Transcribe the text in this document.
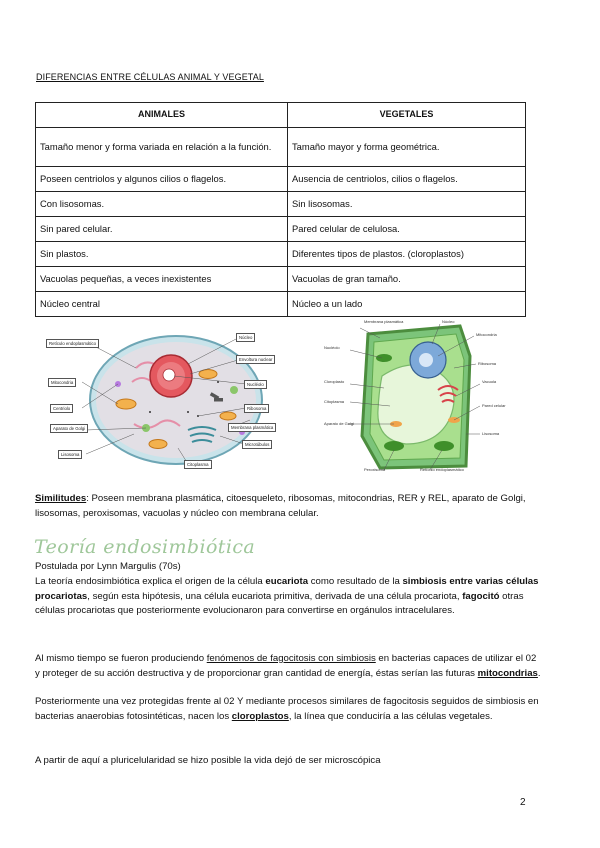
DIFERENCIAS ENTRE CÉLULAS ANIMAL Y VEGETAL
ANIMALES	VEGETALES
Tamaño menor y forma variada en relación a la función.	Tamaño mayor y forma geométrica.
Poseen centriolos y algunos cilios o flagelos.	Ausencia de centriolos, cilios o flagelos.
Con lisosomas.	Sin lisosomas.
Sin pared celular.	Pared celular de celulosa.
Sin plastos.	Diferentes tipos de plastos. (cloroplastos)
Vacuolas pequeñas, a veces inexistentes	Vacuolas de gran tamaño.
Núcleo central	Núcleo a un lado
Retículo endoplasmático
Mitocondria
Centriolo
Aparato de Golgi
Lisosoma
Núcleo
Envoltura nuclear
Nucléolo
Ribosoma
Membrana plasmática
Microtúbulos
Citoplasma
Membrana plasmática	Núcleo
Nucléolo
Mitocondria
Ribosoma
Cloroplasto	Vacuola
Citoplasma
Pared celular
Aparato de Golgi
Lisosoma
Peroxisoma	Retículo endoplasmático
Similitudes: Poseen membrana plasmática, citoesqueleto, ribosomas, mitocondrias, RER y REL, aparato de Golgi, lisosomas, peroxisomas, vacuolas y núcleo con membrana celular.
Teoría endosimbiótica
Postulada por Lynn Margulis (70s)
La teoría endosimbiótica explica el origen de la célula eucariota como resultado de la simbiosis entre varias células procariotas, según esta hipótesis, una célula eucariota primitiva, derivada de una célula procariota, fagocitó otras células procariotas que posteriormente evolucionaron para convertirse en orgánulos intracelulares.
Al mismo tiempo se fueron produciendo fenómenos de fagocitosis con simbiosis en bacterias capaces de utilizar el 02 y proteger de su acción destructiva y de proporcionar gran cantidad de energía, éstas serían las futuras mitocondrias.
Posteriormente una vez protegidas frente al 02 Y mediante procesos similares de fagocitosis seguidos de simbiosis en bacterias anaerobias fotosintéticas, nacen los cloroplastos, la línea que conduciría a las células vegetales.
A partir de aquí a pluricelularidad se hizo posible la vida dejó de ser microscópica
2
